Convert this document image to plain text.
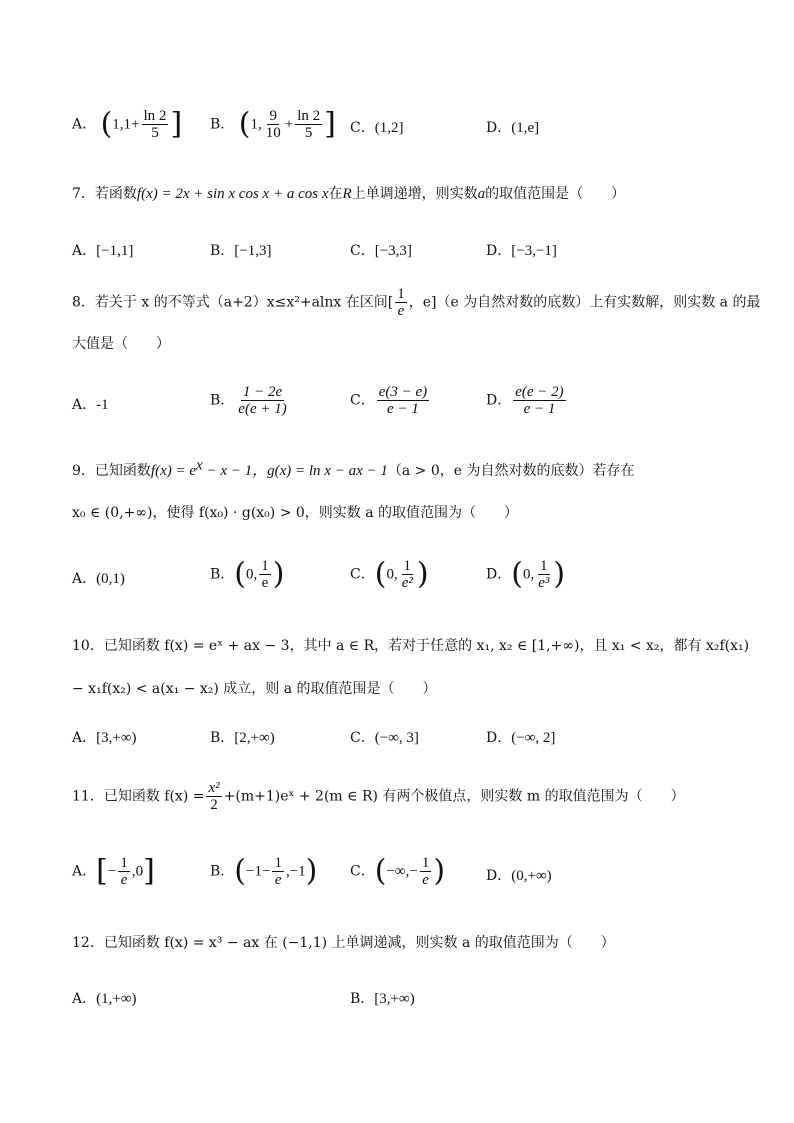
A． ($1,1+ \frac{\ln 2}{5}$ ] B． (1, $\frac{9}{10} + \frac{\ln 2}{5}$ ] C．(1,2]	D．(1,e]
7．若函数f(x) = 2x + sin x cos x + a cos x在R上单调递增，则实数a的取值范围是（　　）
A．[−1,1]	B．[−1,3]	C．[−3,3]	D．[−3,−1]
8．若关于 x 的不等式（a+2）x≤x²+alnx 在区间[ $\frac{1}{e}$ ，e]（e 为自然对数的底数）上有实数解，则实数 a 的最
大值是（　　）
A．-1	B． $\frac{1 - 2e}{e(e + 1)}$	C． $\frac{e(3 - e)}{e - 1}$	D． $\frac{e(e - 2)}{e - 1}$
9．已知函数$f(x) = e^x - x - 1$，g(x) = ln x − ax − 1（a > 0，e 为自然对数的底数）若存在
x₀ ∈ (0,+∞)，使得 f(x₀) · g(x₀) > 0，则实数 a 的取值范围为（　　）
A．(0,1)	B．(0, $\frac{1}{e}$ )	C．(0, $\frac{1}{\text{e²}}$ )	D．(0, $\frac{1}{\text{e³}}$ )
10．已知函数 f(x) = eˣ + ax − 3，其中 a ∈ R，若对于任意的 x₁, x₂ ∈ [1,+∞)，且 x₁ < x₂，都有 x₂f(x₁)
− x₁f(x₂) < a(x₁ − x₂) 成立，则 a 的取值范围是（　　）
A．[3,+∞)	B．[2,+∞)	C．(−∞, 3]	D．(−∞, 2]
11．已知函数 $f(x) = \frac{\text{x²}}{2}$ +(m+1)eˣ + 2(m ∈ R) 有两个极值点，则实数 m 的取值范围为（　　）
A．[− $\frac{1}{e} ,0$]	B．$(-1- \frac{1}{e} ,-1)$ C．(−∞,− $\frac{1}{e}$ )	D．(0,+∞)
12．已知函数 f(x) = x³ − ax 在 (−1,1) 上单调递减，则实数 a 的取值范围为（　　）
A．(1,+∞)	B．[3,+∞)
